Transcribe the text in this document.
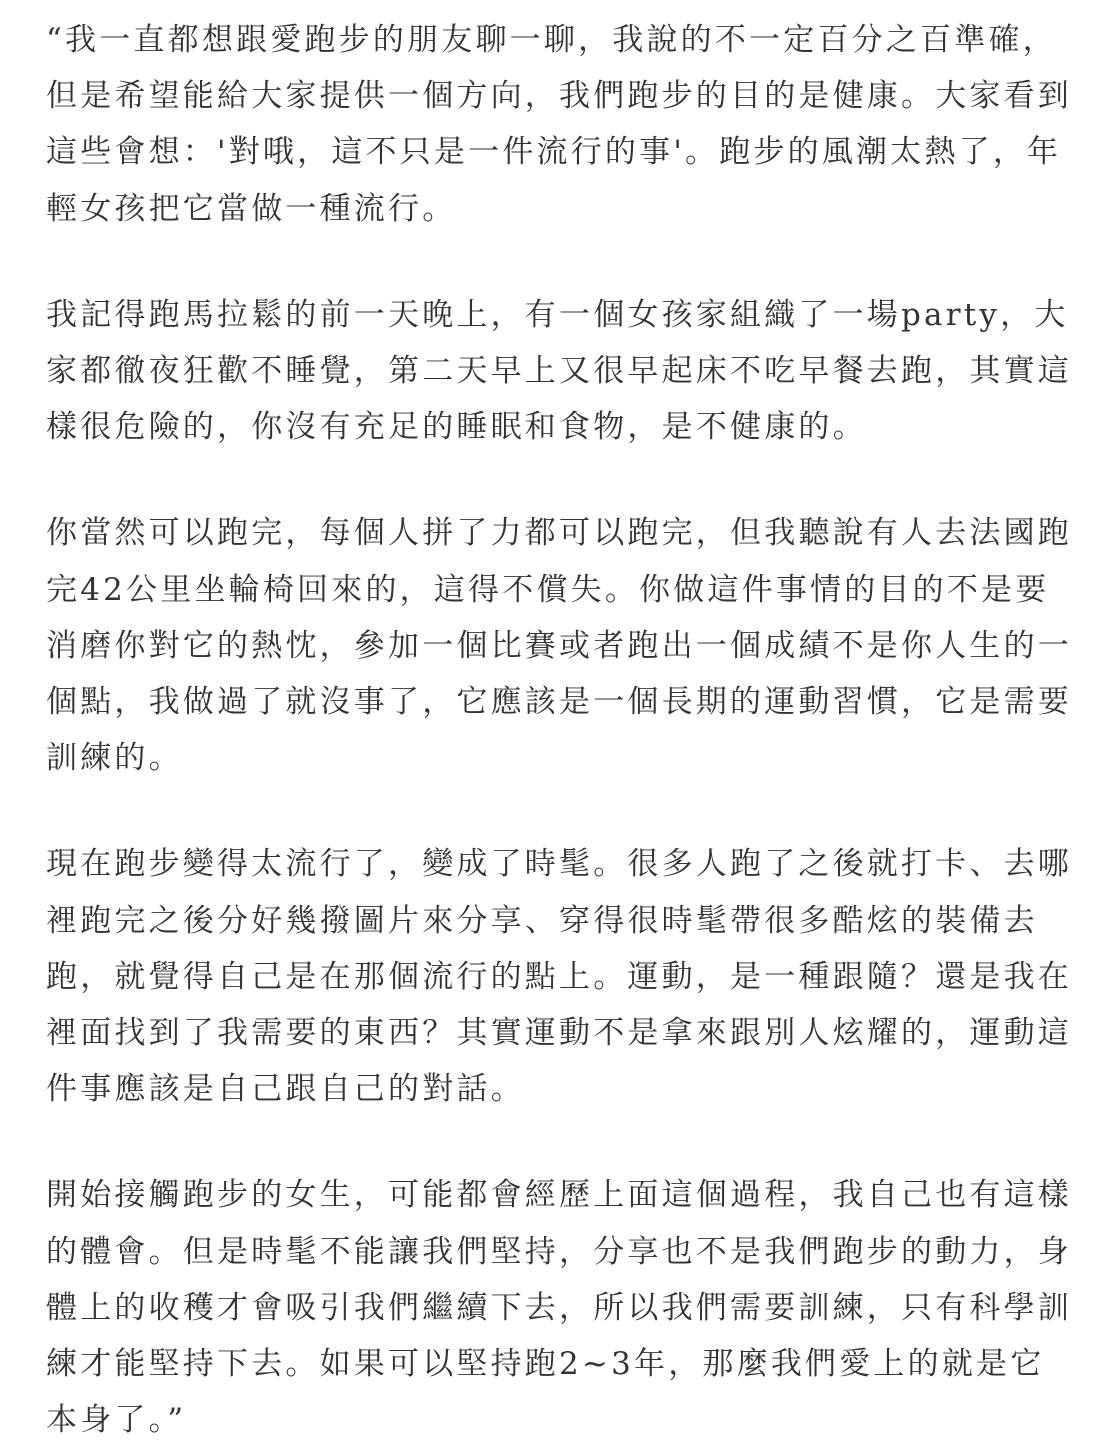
“我一直都想跟愛跑步的朋友聊一聊，我說的不一定百分之百準確，但是希望能給大家提供一個方向，我們跑步的目的是健康。大家看到這些會想：'對哦，這不只是一件流行的事'。跑步的風潮太熱了，年輕女孩把它當做一種流行。

我記得跑馬拉鬆的前一天晚上，有一個女孩家組織了一場party，大家都徹夜狂歡不睡覺，第二天早上又很早起床不吃早餐去跑，其實這樣很危險的，你沒有充足的睡眠和食物，是不健康的。

你當然可以跑完，每個人拼了力都可以跑完，但我聽說有人去法國跑完42公里坐輪椅回來的，這得不償失。你做這件事情的目的不是要消磨你對它的熱忱，參加一個比賽或者跑出一個成績不是你人生的一個點，我做過了就沒事了，它應該是一個長期的運動習慣，它是需要訓練的。

現在跑步變得太流行了，變成了時髦。很多人跑了之後就打卡、去哪裡跑完之後分好幾撥圖片來分享、穿得很時髦帶很多酷炫的裝備去跑，就覺得自己是在那個流行的點上。運動，是一種跟隨？還是我在裡面找到了我需要的東西？其實運動不是拿來跟別人炫耀的，運動這件事應該是自己跟自己的對話。

開始接觸跑步的女生，可能都會經歷上面這個過程，我自己也有這樣的體會。但是時髦不能讓我們堅持，分享也不是我們跑步的動力，身體上的收穫才會吸引我們繼續下去，所以我們需要訓練，只有科學訓練才能堅持下去。如果可以堅持跑2~3年，那麼我們愛上的就是它本身了。”
